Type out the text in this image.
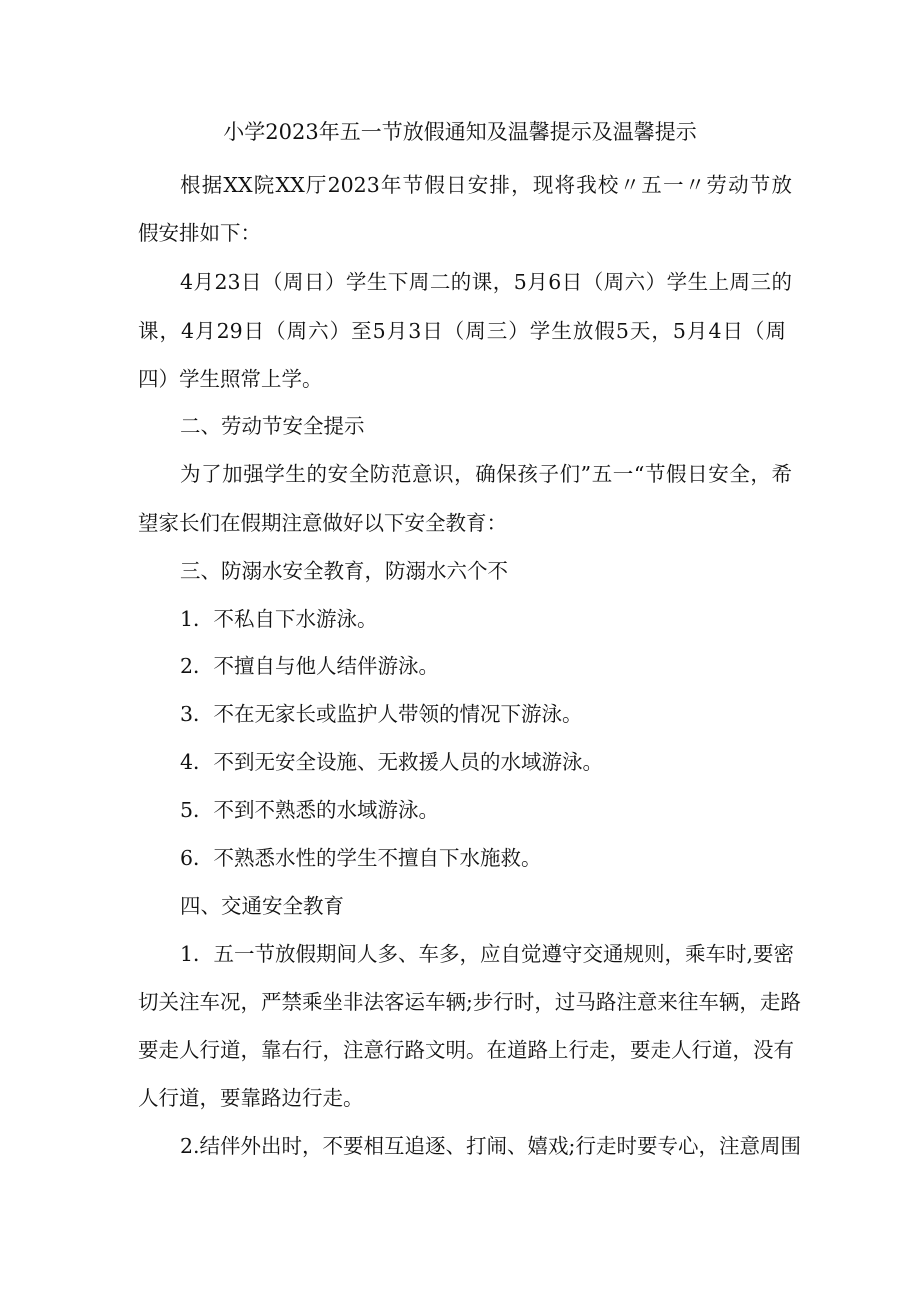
小学2023年五一节放假通知及温馨提示及温馨提示
根据XX院XX厅2023年节假日安排，现将我校〃五一〃劳动节放
假安排如下：
4月23日（周日）学生下周二的课，5月6日（周六）学生上周三的
课，4月29日（周六）至5月3日（周三）学生放假5天，5月4日（周
四）学生照常上学。
二、劳动节安全提示
为了加强学生的安全防范意识，确保孩子们”五一“节假日安全，希
望家长们在假期注意做好以下安全教育：
三、防溺水安全教育，防溺水六个不
1．不私自下水游泳。
2．不擅自与他人结伴游泳。
3．不在无家长或监护人带领的情况下游泳。
4．不到无安全设施、无救援人员的水域游泳。
5．不到不熟悉的水域游泳。
6．不熟悉水性的学生不擅自下水施救。
四、交通安全教育
1．五一节放假期间人多、车多，应自觉遵守交通规则，乘车时,要密
切关注车况，严禁乘坐非法客运车辆;步行时，过马路注意来往车辆，走路
要走人行道，靠右行，注意行路文明。在道路上行走，要走人行道，没有
人行道，要靠路边行走。
2.结伴外出时，不要相互追逐、打闹、嬉戏;行走时要专心，注意周围
